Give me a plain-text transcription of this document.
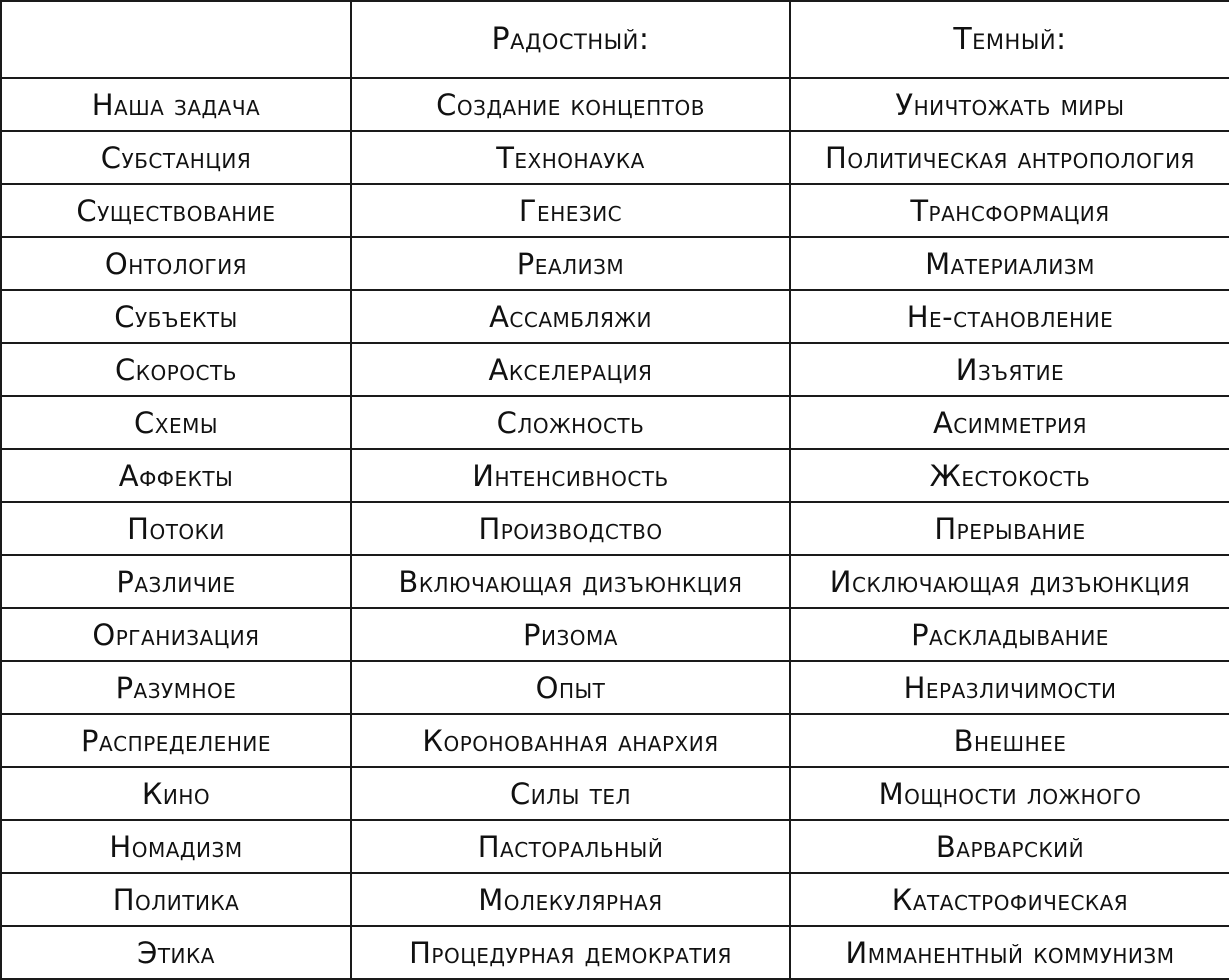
	Радостный:	Темный:
Наша задача	Создание концептов	Уничтожать миры
Субстанция	Технонаука	Политическая антропология
Существование	Генезис	Трансформация
Онтология	Реализм	Материализм
Субъекты	Ассамбляжи	Не-становление
Скорость	Акселерация	Изъятие
Схемы	Сложность	Асимметрия
Аффекты	Интенсивность	Жестокость
Потоки	Производство	Прерывание
Различие	Включающая дизъюнкция	Исключающая дизъюнкция
Организация	Ризома	Раскладывание
Разумное	Опыт	Неразличимости
Распределение	Коронованная анархия	Внешнее
Кино	Силы тел	Мощности ложного
Номадизм	Пасторальный	Варварский
Политика	Молекулярная	Катастрофическая
Этика	Процедурная демократия	Имманентный коммунизм
